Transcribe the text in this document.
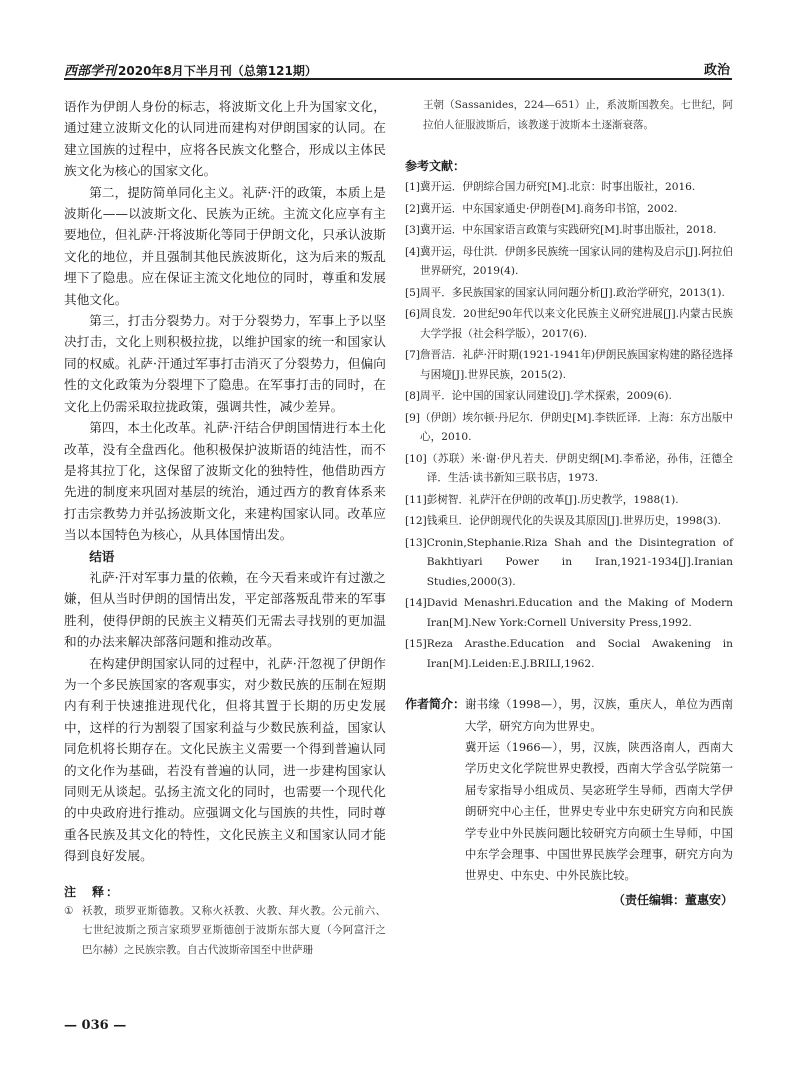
西部学刊 2020年8月下半月刊（总第121期）	政治

语作为伊朗人身份的标志，将波斯文化上升为国家文化，通过建立波斯文化的认同进而建构对伊朗国家的认同。在建立国族的过程中，应将各民族文化整合，形成以主体民族文化为核心的国家文化。

第二，提防简单同化主义。礼萨·汗的政策，本质上是波斯化——以波斯文化、民族为正统。主流文化应享有主要地位，但礼萨·汗将波斯化等同于伊朗文化，只承认波斯文化的地位，并且强制其他民族波斯化，这为后来的叛乱埋下了隐患。应在保证主流文化地位的同时，尊重和发展其他文化。

第三，打击分裂势力。对于分裂势力，军事上予以坚决打击，文化上则积极拉拢，以维护国家的统一和国家认同的权威。礼萨·汗通过军事打击消灭了分裂势力，但偏向性的文化政策为分裂埋下了隐患。在军事打击的同时，在文化上仍需采取拉拢政策，强调共性，减少差异。

第四，本土化改革。礼萨·汗结合伊朗国情进行本土化改革，没有全盘西化。他积极保护波斯语的纯洁性，而不是将其拉丁化，这保留了波斯文化的独特性，他借助西方先进的制度来巩固对基层的统治，通过西方的教育体系来打击宗教势力并弘扬波斯文化，来建构国家认同。改革应当以本国特色为核心，从具体国情出发。

结语

礼萨·汗对军事力量的依赖，在今天看来或许有过激之嫌，但从当时伊朗的国情出发，平定部落叛乱带来的军事胜利，使得伊朗的民族主义精英们无需去寻找别的更加温和的办法来解决部落问题和推动改革。

在构建伊朗国家认同的过程中，礼萨·汗忽视了伊朗作为一个多民族国家的客观事实，对少数民族的压制在短期内有利于快速推进现代化，但将其置于长期的历史发展中，这样的行为割裂了国家利益与少数民族利益，国家认同危机将长期存在。文化民族主义需要一个得到普遍认同的文化作为基础，若没有普遍的认同，进一步建构国家认同则无从谈起。弘扬主流文化的同时，也需要一个现代化的中央政府进行推动。应强调文化与国族的共性，同时尊重各民族及其文化的特性，文化民族主义和国家认同才能得到良好发展。

注　释：
① 袄教，琐罗亚斯德教。又称火袄教、火教、拜火教。公元前六、七世纪波斯之预言家琐罗亚斯德创于波斯东部大夏（今阿富汗之巴尔赫）之民族宗教。自古代波斯帝国至中世萨珊

王朝（Sassanides，224—651）止，系波斯国教矣。七世纪，阿拉伯人征服波斯后，该教遂于波斯本土逐渐衰落。

参考文献：
[1] 冀开运．伊朗综合国力研究[M].北京：时事出版社，2016.
[2] 冀开运．中东国家通史·伊朗卷[M].商务印书馆，2002.
[3] 冀开运．中东国家语言政策与实践研究[M].时事出版社，2018.
[4] 冀开运，母仕洪．伊朗多民族统一国家认同的建构及启示[J].阿拉伯世界研究，2019(4).
[5] 周平．多民族国家的国家认同问题分析[J].政治学研究，2013(1).
[6] 周良发．20世纪90年代以来文化民族主义研究进展[J].内蒙古民族大学学报（社会科学版），2017(6).
[7] 詹晋洁．礼萨·汗时期(1921-1941年)伊朗民族国家构建的路径选择与困境[J].世界民族，2015(2).
[8] 周平．论中国的国家认同建设[J].学术探索，2009(6).
[9] （伊朗）埃尔顿·丹尼尔．伊朗史[M].李铁匠译．上海：东方出版中心，2010.
[10] （苏联）米·谢·伊凡若夫．伊朗史纲[M].李希泌，孙伟，汪德全译．生活·读书新知三联书店，1973.
[11] 彭树智．礼萨汗在伊朗的改革[J].历史教学，1988(1).
[12] 钱乘旦．论伊朗现代化的失误及其原因[J].世界历史，1998(3).
[13] Cronin,Stephanie.Riza Shah and the Disintegration of Bakhtiyari Power in Iran,1921-1934[J].Iranian Studies,2000(3).
[14] David Menashri.Education and the Making of Modern Iran[M].New York:Cornell University Press,1992.
[15] Reza Arasthe.Education and Social Awakening in Iran[M].Leiden:E.J.BRILI,1962.
作者简介： 谢书缘（1998—），男，汉族，重庆人，单位为西南大学，研究方向为世界史。

冀开运（1966—），男，汉族，陕西洛南人，西南大学历史文化学院世界史教授，西南大学含弘学院第一届专家指导小组成员、吴宓班学生导师，西南大学伊朗研究中心主任，世界史专业中东史研究方向和民族学专业中外民族问题比较研究方向硕士生导师，中国中东学会理事、中国世界民族学会理事，研究方向为世界史、中东史、中外民族比较。

（责任编辑：董惠安）
— 036 —
